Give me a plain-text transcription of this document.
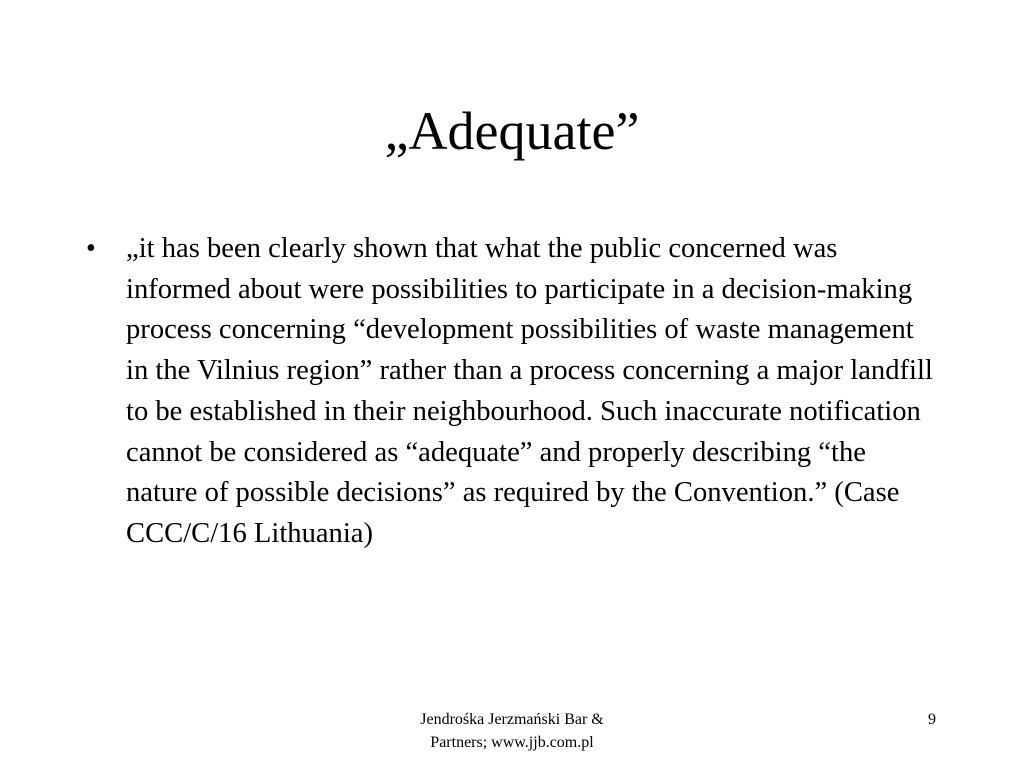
„Adequate”
•	„it has been clearly shown that what the public concerned was informed about were possibilities to participate in a decision-making process concerning “development possibilities of waste management in the Vilnius region” rather than a process concerning a major landfill to be established in their neighbourhood. Such inaccurate notification cannot be considered as “adequate” and properly describing “the nature of possible decisions” as required by the Convention.” (Case CCC/C/16 Lithuania)
Jendrośka Jerzmański Bar &
Partners; www.jjb.com.pl
9
